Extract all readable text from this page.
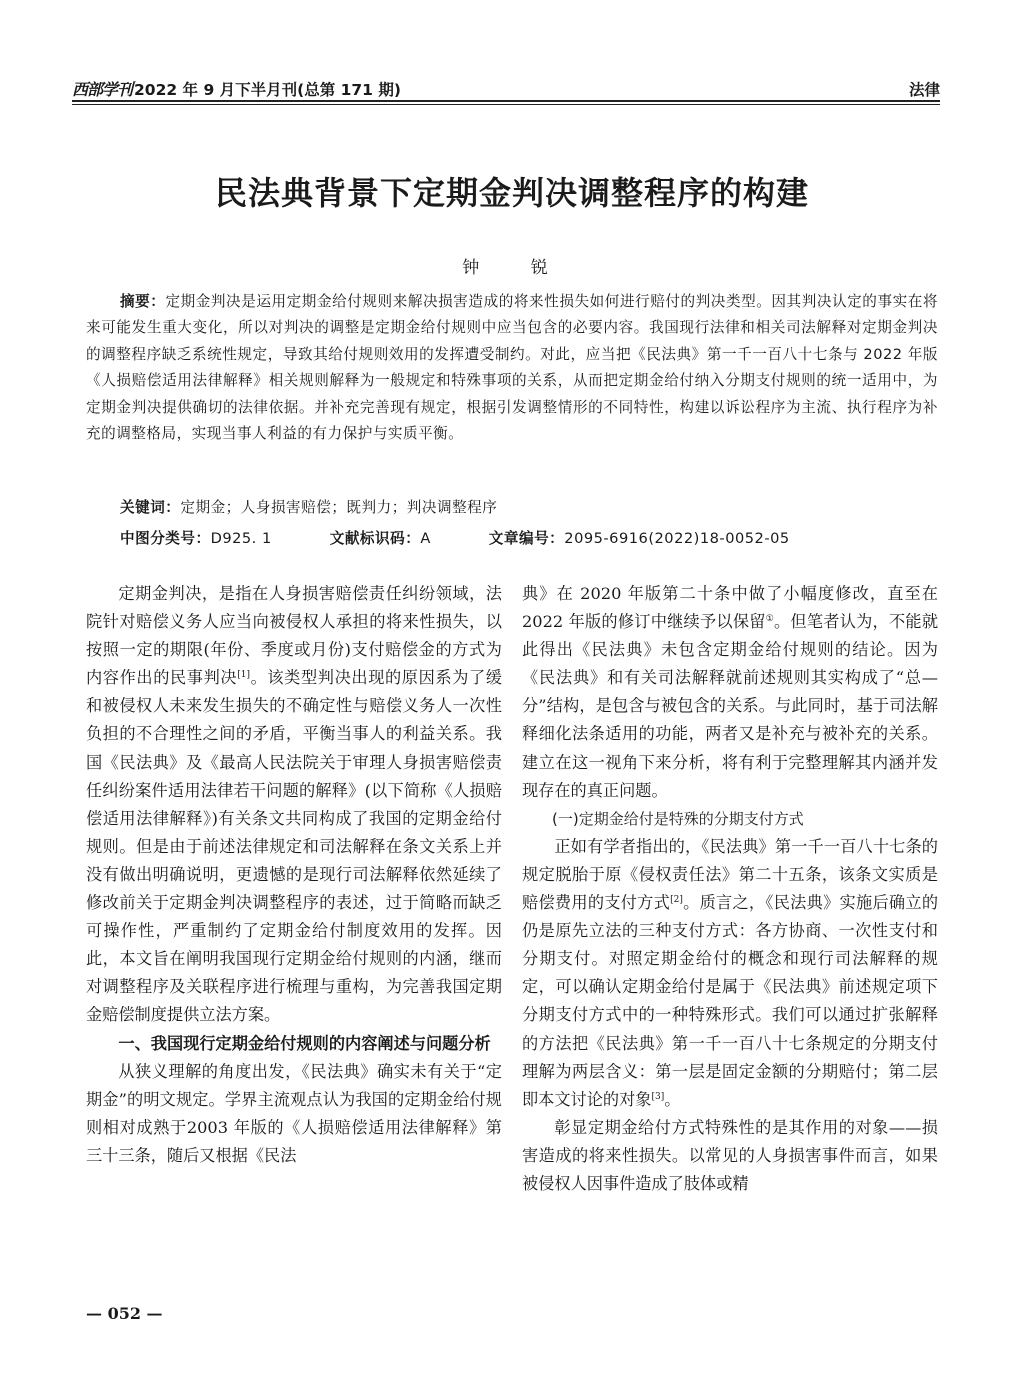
西部学刊 2022 年 9 月下半月刊(总第 171 期)	法律
民法典背景下定期金判决调整程序的构建
钟 锐
摘要：定期金判决是运用定期金给付规则来解决损害造成的将来性损失如何进行赔付的判决类型。因其判决认定的事实在将来可能发生重大变化，所以对判决的调整是定期金给付规则中应当包含的必要内容。我国现行法律和相关司法解释对定期金判决的调整程序缺乏系统性规定，导致其给付规则效用的发挥遭受制约。对此，应当把《民法典》第一千一百八十七条与 2022 年版《人损赔偿适用法律解释》相关规则解释为一般规定和特殊事项的关系，从而把定期金给付纳入分期支付规则的统一适用中，为定期金判决提供确切的法律依据。并补充完善现有规定，根据引发调整情形的不同特性，构建以诉讼程序为主流、执行程序为补充的调整格局，实现当事人利益的有力保护与实质平衡。
关键词：定期金；人身损害赔偿；既判力；判决调整程序
中图分类号：D925. 1	文献标识码：A	文章编号：2095-6916(2022)18-0052-05

定期金判决，是指在人身损害赔偿责任纠纷领域，法院针对赔偿义务人应当向被侵权人承担的将来性损失，以按照一定的期限(年份、季度或月份)支付赔偿金的方式为内容作出的民事判决[1]。该类型判决出现的原因系为了缓和被侵权人未来发生损失的不确定性与赔偿义务人一次性负担的不合理性之间的矛盾，平衡当事人的利益关系。我国《民法典》及《最高人民法院关于审理人身损害赔偿责任纠纷案件适用法律若干问题的解释》(以下简称《人损赔偿适用法律解释》)有关条文共同构成了我国的定期金给付规则。但是由于前述法律规定和司法解释在条文关系上并没有做出明确说明，更遗憾的是现行司法解释依然延续了修改前关于定期金判决调整程序的表述，过于简略而缺乏可操作性，严重制约了定期金给付制度效用的发挥。因此，本文旨在阐明我国现行定期金给付规则的内涵，继而对调整程序及关联程序进行梳理与重构，为完善我国定期金赔偿制度提供立法方案。

一、我国现行定期金给付规则的内容阐述与问题分析

从狭义理解的角度出发，《民法典》确实未有关于“定期金”的明文规定。学界主流观点认为我国的定期金给付规则相对成熟于2003 年版的《人损赔偿适用法律解释》第三十三条，随后又根据《民法

典》在 2020 年版第二十条中做了小幅度修改，直至在 2022 年版的修订中继续予以保留①。但笔者认为，不能就此得出《民法典》未包含定期金给付规则的结论。因为《民法典》和有关司法解释就前述规则其实构成了“总—分”结构，是包含与被包含的关系。与此同时，基于司法解释细化法条适用的功能，两者又是补充与被补充的关系。建立在这一视角下来分析，将有利于完整理解其内涵并发现存在的真正问题。

(一)定期金给付是特殊的分期支付方式

正如有学者指出的，《民法典》第一千一百八十七条的规定脱胎于原《侵权责任法》第二十五条，该条文实质是赔偿费用的支付方式[2]。质言之，《民法典》实施后确立的仍是原先立法的三种支付方式：各方协商、一次性支付和分期支付。对照定期金给付的概念和现行司法解释的规定，可以确认定期金给付是属于《民法典》前述规定项下分期支付方式中的一种特殊形式。我们可以通过扩张解释的方法把《民法典》第一千一百八十七条规定的分期支付理解为两层含义：第一层是固定金额的分期赔付；第二层即本文讨论的对象[3]。

彰显定期金给付方式特殊性的是其作用的对象——损害造成的将来性损失。以常见的人身损害事件而言，如果被侵权人因事件造成了肢体或精

— 052 —
